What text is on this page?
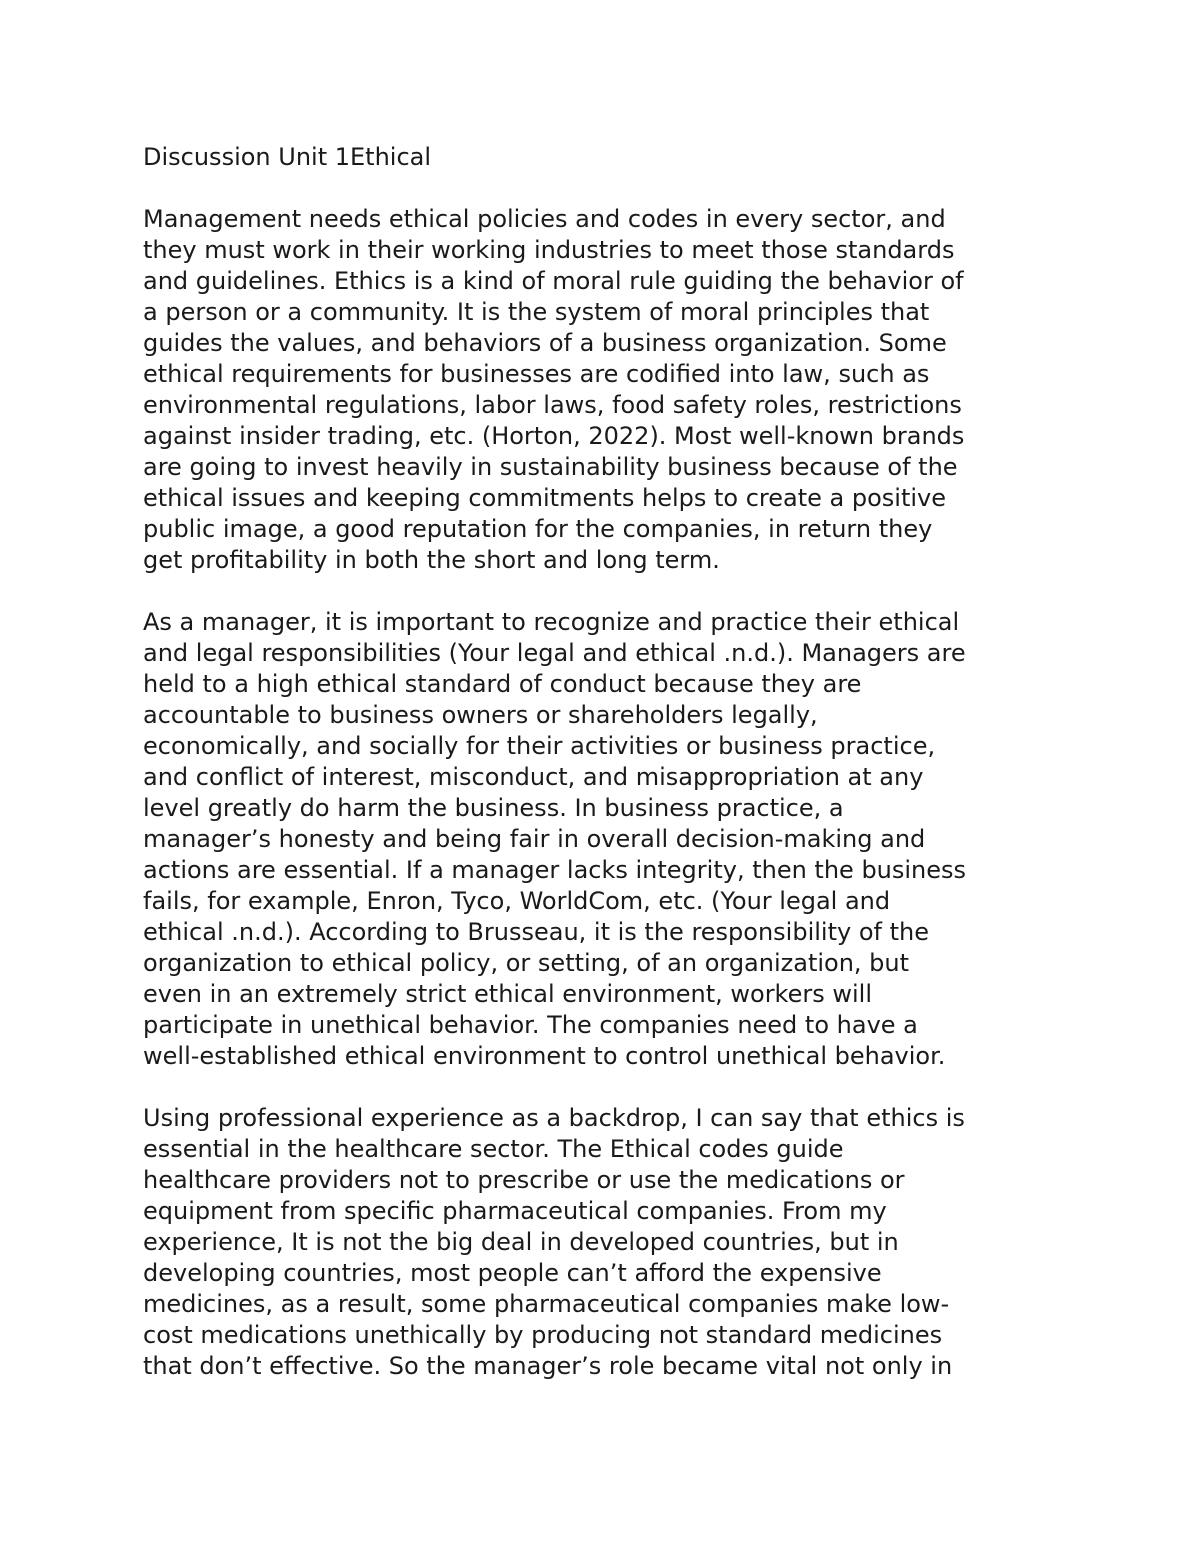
Discussion Unit 1Ethical
Management needs ethical policies and codes in every sector, and
they must work in their working industries to meet those standards
and guidelines. Ethics is a kind of moral rule guiding the behavior of
a person or a community. It is the system of moral principles that
guides the values, and behaviors of a business organization. Some
ethical requirements for businesses are codified into law, such as
environmental regulations, labor laws, food safety roles, restrictions
against insider trading, etc. (Horton, 2022). Most well-known brands
are going to invest heavily in sustainability business because of the
ethical issues and keeping commitments helps to create a positive
public image, a good reputation for the companies, in return they
get profitability in both the short and long term.
As a manager, it is important to recognize and practice their ethical
and legal responsibilities (Your legal and ethical .n.d.). Managers are
held to a high ethical standard of conduct because they are
accountable to business owners or shareholders legally,
economically, and socially for their activities or business practice,
and conflict of interest, misconduct, and misappropriation at any
level greatly do harm the business. In business practice, a
manager’s honesty and being fair in overall decision-making and
actions are essential. If a manager lacks integrity, then the business
fails, for example, Enron, Tyco, WorldCom, etc. (Your legal and
ethical .n.d.). According to Brusseau, it is the responsibility of the
organization to ethical policy, or setting, of an organization, but
even in an extremely strict ethical environment, workers will
participate in unethical behavior. The companies need to have a
well-established ethical environment to control unethical behavior.
Using professional experience as a backdrop, I can say that ethics is
essential in the healthcare sector. The Ethical codes guide
healthcare providers not to prescribe or use the medications or
equipment from specific pharmaceutical companies. From my
experience, It is not the big deal in developed countries, but in
developing countries, most people can’t afford the expensive
medicines, as a result, some pharmaceutical companies make low-
cost medications unethically by producing not standard medicines
that don’t effective. So the manager’s role became vital not only in
